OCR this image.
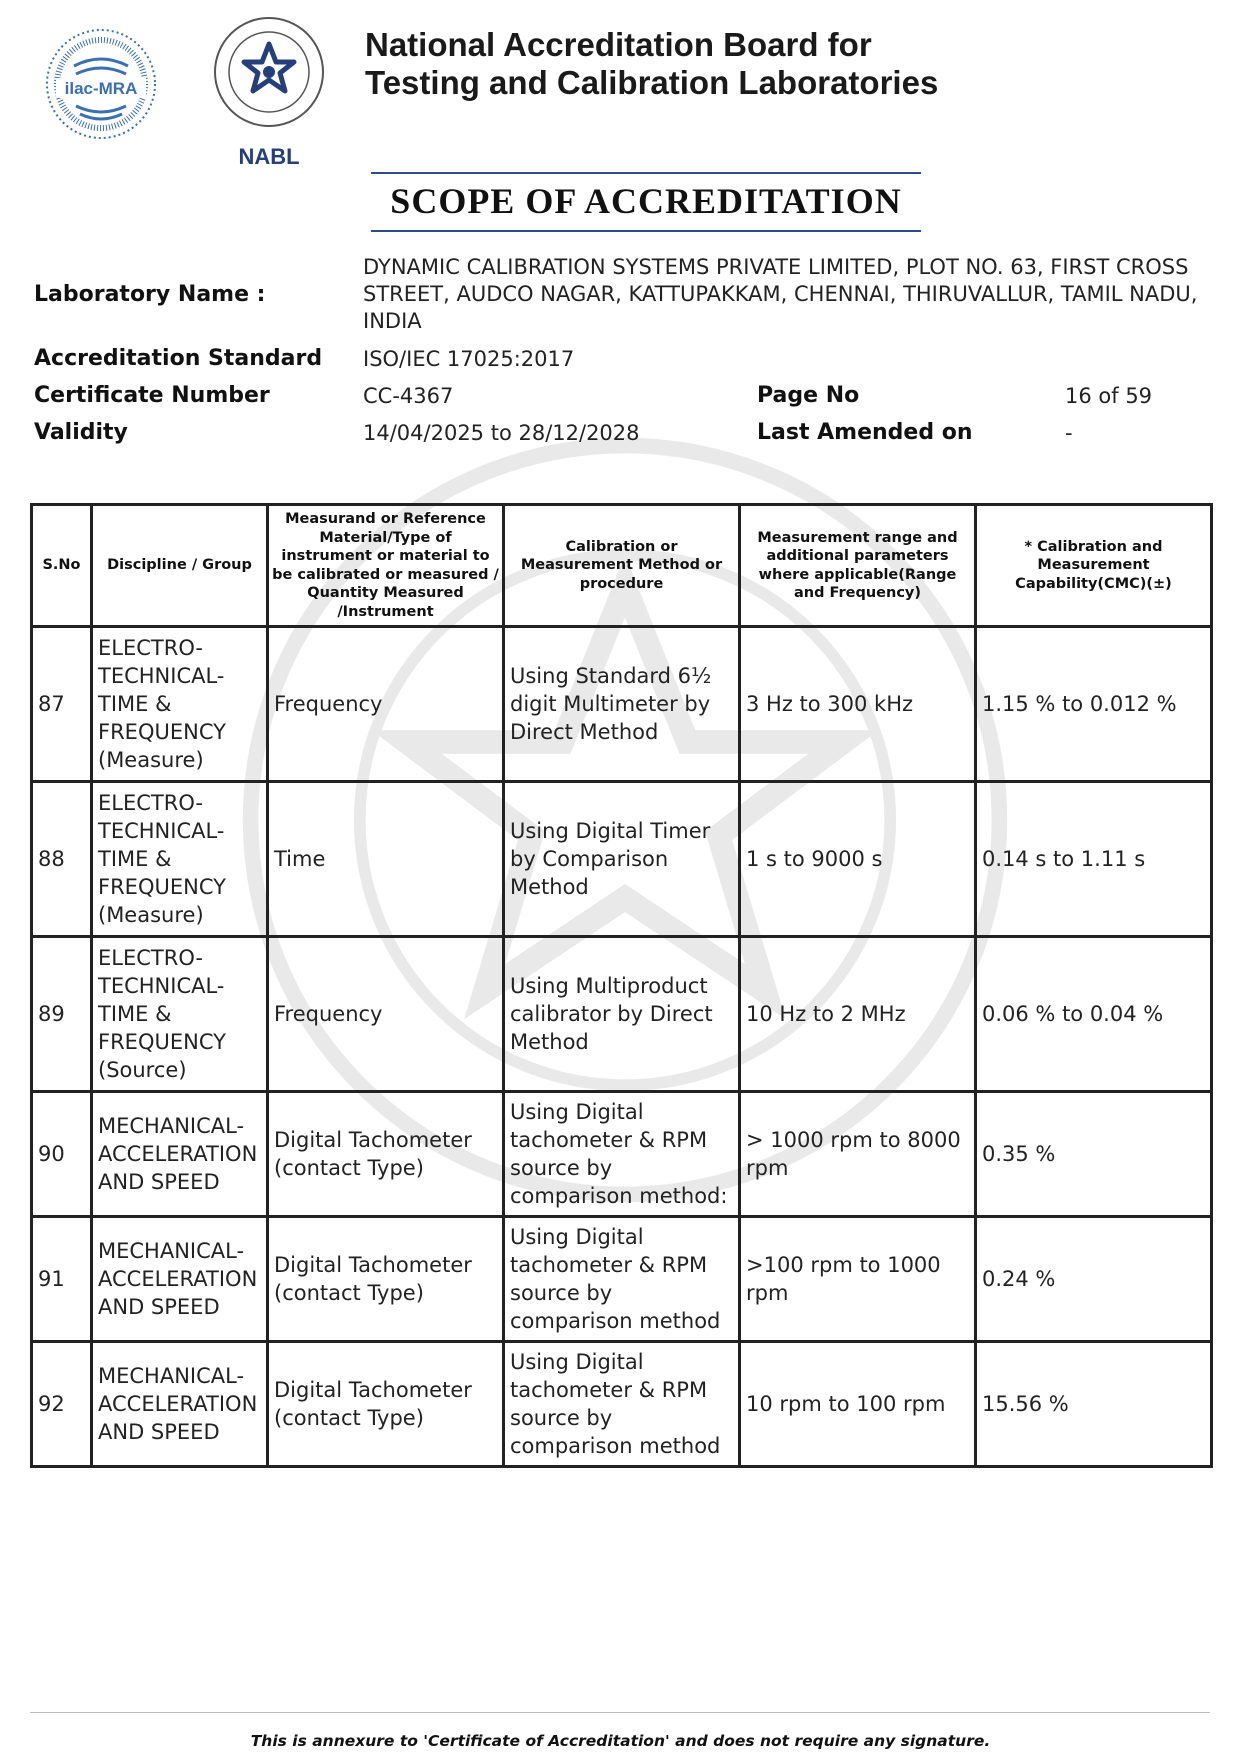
ilac-MRA
NABL
National Accreditation Board for
Testing and Calibration Laboratories
SCOPE OF ACCREDITATION
Laboratory Name :
DYNAMIC CALIBRATION SYSTEMS PRIVATE LIMITED, PLOT NO. 63, FIRST CROSS STREET, AUDCO NAGAR, KATTUPAKKAM, CHENNAI, THIRUVALLUR, TAMIL NADU, INDIA
Accreditation Standard ISO/IEC 17025:2017
Certificate Number	CC-4367	Page No	16 of 59
Validity	14/04/2025 to 28/12/2028	Last Amended on	-
S.No	Discipline / Group	Measurand or Reference Material/Type of instrument or material to be calibrated or measured / Quantity Measured /Instrument	Calibration or Measurement Method or procedure	Measurement range and additional parameters where applicable(Range and Frequency)	* Calibration and Measurement Capability(CMC)(±)
87	ELECTRO-TECHNICAL-TIME & FREQUENCY (Measure)	Frequency	Using Standard 6½ digit Multimeter by Direct Method	3 Hz to 300 kHz	1.15 % to 0.012 %
88	ELECTRO-TECHNICAL-TIME & FREQUENCY (Measure)	Time	Using Digital Timer by Comparison Method	1 s to 9000 s	0.14 s to 1.11 s
89	ELECTRO-TECHNICAL-TIME & FREQUENCY (Source)	Frequency	Using Multiproduct calibrator by Direct Method	10 Hz to 2 MHz	0.06 % to 0.04 %
90	MECHANICAL-ACCELERATION AND SPEED	Digital Tachometer (contact Type)	Using Digital tachometer & RPM source by comparison method:	> 1000 rpm to 8000 rpm	0.35 %
91	MECHANICAL-ACCELERATION AND SPEED	Digital Tachometer (contact Type)	Using Digital tachometer & RPM source by comparison method	>100 rpm to 1000 rpm	0.24 %
92	MECHANICAL-ACCELERATION AND SPEED	Digital Tachometer (contact Type)	Using Digital tachometer & RPM source by comparison method	10 rpm to 100 rpm	15.56 %
This is annexure to 'Certificate of Accreditation' and does not require any signature.
